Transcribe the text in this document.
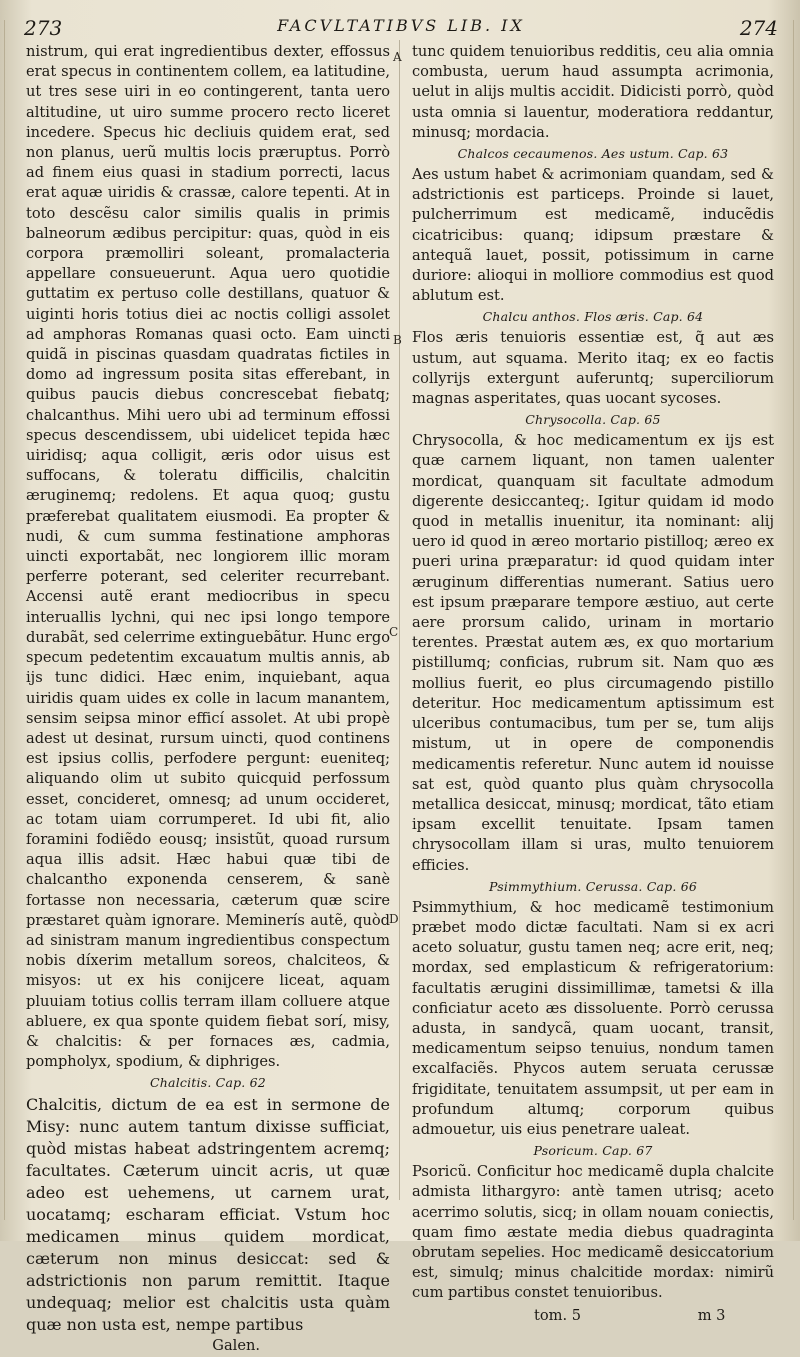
273	FACVLTATIBVS LIB. IX	274
A
B
C
D

nistrum, qui erat ingredientibus dexter, effossus erat specus in continentem collem, ea latitudine, ut tres sese uiri in eo contingerent, tanta uero altitudine, ut uiro summe procero recto liceret incedere. Specus hic decliuis quidem erat, sed non planus, uerũ multis locis præruptus. Porrò ad finem eius quasi in stadium porrecti, lacus erat aquæ uiridis & crassæ, calore tepenti. At in toto descẽsu calor similis qualis in primis balneorum ædibus percipitur: quas, quòd in eis corpora præmolliri soleant, promalacteria appellare consueuerunt. Aqua uero quotidie guttatim ex pertuso colle destillans, quatuor & uiginti horis totius diei ac noctis colligi assolet ad amphoras Romanas quasi octo. Eam uincti quidã in piscinas quasdam quadratas fictiles in domo ad ingressum posita sitas efferebant, in quibus paucis diebus concrescebat fiebatq; chalcanthus. Mihi uero ubi ad terminum effossi specus descendissem, ubi uidelicet tepida hæc uiridisq; aqua colligit, æris odor uisus est suffocans, & toleratu difficilis, chalcitin æruginemq; redolens. Et aqua quoq; gustu præferebat qualitatem eiusmodi. Ea propter & nudi, & cum summa festinatione amphoras uincti exportabãt, nec longiorem illic moram perferre poterant, sed celeriter recurrebant. Accensi autẽ erant mediocribus in specu interuallis lychni, qui nec ipsi longo tempore durabãt, sed celerrime extinguebãtur. Hunc ergo specum pedetentim excauatum multis annis, ab ijs tunc didici. Hæc enim, inquiebant, aqua uiridis quam uides ex colle in lacum manantem, sensim seipsa minor efficí assolet. At ubi propè adest ut desinat, rursum uincti, quod continens est ipsius collis, perfodere pergunt: eueniteq; aliquando olim ut subito quicquid perfossum esset, concideret, omnesq; ad unum occideret, ac totam uiam corrumperet. Id ubi fit, alio foramini fodiẽdo eousq; insistũt, quoad rursum aqua illis adsit. Hæc habui quæ tibi de chalcantho exponenda censerem, & sanè fortasse non necessaria, cæterum quæ scire præstaret quàm ignorare. Meminerís autẽ, quòd ad sinistram manum ingredientibus conspectum nobis díxerim metallum soreos, chalciteos, & misyos: ut ex his conijcere liceat, aquam pluuiam totius collis terram illam colluere atque abluere, ex qua sponte quidem fiebat sorí, misy, & chalcitis: & per fornaces æs, cadmia, pompholyx, spodium, & diphriges.

Chalcitis. Cap. 62

Chalcitis, dictum de ea est in sermone de Misy: nunc autem tantum dixisse sufficiat, quòd mistas habeat adstringentem acremq; facultates. Cæterum uincit acris, ut quæ adeo est uehemens, ut carnem urat, uocatamq; escharam efficiat. Vstum hoc medicamen minus quidem mordicat, cæterum non minus desiccat: sed & adstrictionis non parum remittit. Itaque undequaq; melior est chalcitis usta quàm quæ non usta est, nempe partibus

Galen.

tunc quidem tenuioribus redditis, ceu alia omnia combusta, uerum haud assumpta acrimonia, uelut in alijs multis accidit. Didicisti porrò, quòd usta omnia si lauentur, moderatiora reddantur, minusq; mordacia.

Chalcos cecaumenos. Aes ustum. Cap. 63

Aes ustum habet & acrimoniam quandam, sed & adstrictionis est particeps. Proinde si lauet, pulcherrimum est medicamẽ, inducẽdis cicatricibus: quanq; idipsum præstare & antequã lauet, possit, potissimum in carne duriore: alioqui in molliore commodius est quod ablutum est.

Chalcu anthos. Flos æris. Cap. 64

Flos æris tenuioris essentiæ est, q̃ aut æs ustum, aut squama. Merito itaq; ex eo factis collyrijs extergunt auferuntq; superciliorum magnas asperitates, quas uocant sycoses.

Chrysocolla. Cap. 65

Chrysocolla, & hoc medicamentum ex ijs est quæ carnem liquant, non tamen ualenter mordicat, quanquam sit facultate admodum digerente desiccanteq;. Igitur quidam id modo quod in metallis inuenitur, ita nominant: alij uero id quod in æreo mortario pistilloq; æreo ex pueri urina præparatur: id quod quidam inter æruginum differentias numerant. Satius uero est ipsum præparare tempore æstiuo, aut certe aere prorsum calido, urinam in mortario terentes. Præstat autem æs, ex quo mortarium pistillumq; conficias, rubrum sit. Nam quo æs mollius fuerit, eo plus circumagendo pistillo deteritur. Hoc medicamentum aptissimum est ulceribus contumacibus, tum per se, tum alijs mistum, ut in opere de componendis medicamentis referetur. Nunc autem id nouisse sat est, quòd quanto plus quàm chrysocolla metallica desiccat, minusq; mordicat, tãto etiam ipsam excellit tenuitate. Ipsam tamen chrysocollam illam si uras, multo tenuiorem efficies.

Psimmythium. Cerussa. Cap. 66

Psimmythium, & hoc medicamẽ testimonium præbet modo dictæ facultati. Nam si ex acri aceto soluatur, gustu tamen neq; acre erit, neq; mordax, sed emplasticum & refrigeratorium: facultatis ærugini dissimillimæ, tametsi & illa conficiatur aceto æs dissoluente. Porrò cerussa adusta, in sandycã, quam uocant, transit, medicamentum seipso tenuius, nondum tamen excalfaciẽs. Phycos autem seruata cerussæ frigiditate, tenuitatem assumpsit, ut per eam in profundum altumq; corporum quibus admouetur, uis eius penetrare ualeat.

Psoricum. Cap. 67

Psoricũ. Conficitur hoc medicamẽ dupla chalcite admista lithargyro: antè tamen utrisq; aceto acerrimo solutis, sicq; in ollam nouam coniectis, quam fimo æstate media diebus quadraginta obrutam sepelies. Hoc medicamẽ desiccatorium est, simulq; minus chalcitide mordax: nimirũ cum partibus constet tenuioribus.

tom. 5	m 3
